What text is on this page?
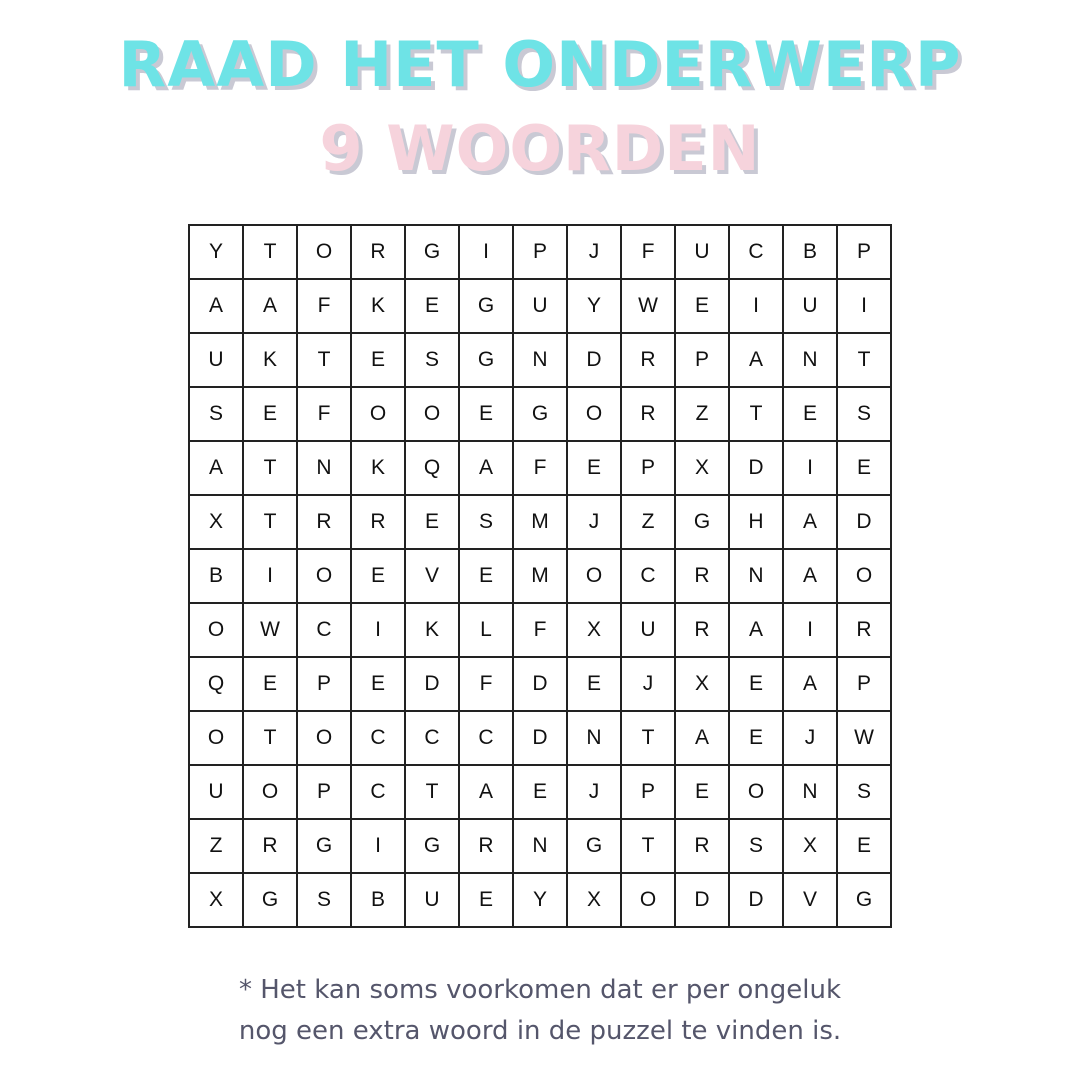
RAAD HET ONDERWERP
9 WOORDEN
Y	T	O	R	G	I	P	J	F	U	C	B	P
A	A	F	K	E	G	U	Y	W	E	I	U	I
U	K	T	E	S	G	N	D	R	P	A	N	T
S	E	F	O	O	E	G	O	R	Z	T	E	S
A	T	N	K	Q	A	F	E	P	X	D	I	E
X	T	R	R	E	S	M	J	Z	G	H	A	D
B	I	O	E	V	E	M	O	C	R	N	A	O
O	W	C	I	K	L	F	X	U	R	A	I	R
Q	E	P	E	D	F	D	E	J	X	E	A	P
O	T	O	C	C	C	D	N	T	A	E	J	W
U	O	P	C	T	A	E	J	P	E	O	N	S
Z	R	G	I	G	R	N	G	T	R	S	X	E
X	G	S	B	U	E	Y	X	O	D	D	V	G
* Het kan soms voorkomen dat er per ongeluk
nog een extra woord in de puzzel te vinden is.
